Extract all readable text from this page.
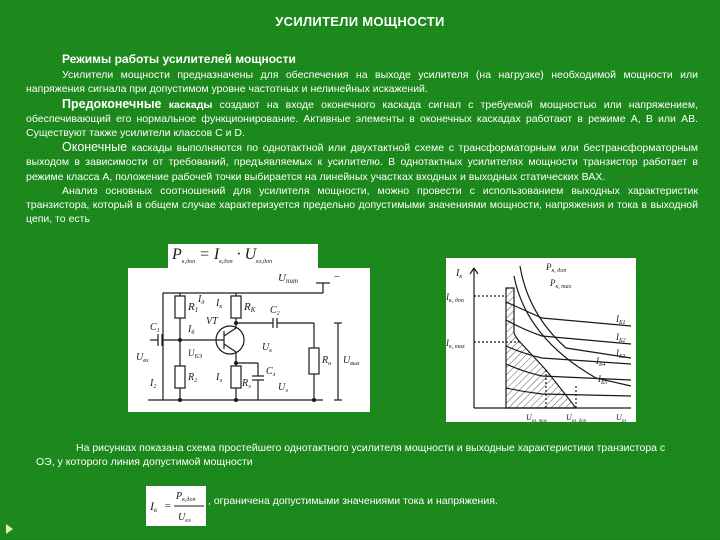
УСИЛИТЕЛИ МОЩНОСТИ
Режимы работы усилителей мощности

Усилители мощности предназначены для обеспечения на выходе усилителя (на нагрузке) необходимой мощности или напряжения сигнала при допустимом уровне частотных и нелинейных искажений.

Предоконечные каскады создают на входе оконечного каскада сигнал с требуемой мощностью или напряжением, обеспечивающий его нормальное функционирование. Активные элементы в оконечных каскадах работают в режиме A, B или AB. Существуют также усилители классов C и D.

Оконечные каскады выполняются по однотактной или двухтактной схеме с трансформаторным или бестрансформаторным выходом в зависимости от требований, предъявляемых к усилителю. В однотактных усилителях мощности транзистор работает в режиме класса A, положение рабочей точки выбирается на линейных участках входных и выходных статических ВАХ.

Анализ основных соотношений для усилителя мощности, можно провести с использованием выходных характеристик транзистора, который в общем случае характеризуется предельно допустимыми значениями мощности, напряжения и тока в выходной цепи, то есть

$P_{к,доп} = I_{к,доп} \cdot U_{кэ,доп}$
Uпит	−
R1
$I_д$ $I_к$ RК $C_2$
$C_1$	$I_б$
VT
$U_к$
$U_{БЭ}$
$U_{вх}$	$R_н$ $U_{вых}$
$R_2$
$I_2$
$I_э$ $R_э$
$C_э$
$U_э$
$I_к$
$P_{к, доп}$
$P_{к, max}$
$I_{к, доп}$
$I_{к, max}$
$I_{Б1}$
$I_{Б2}$
$I_{Б3}$
$I_{Б4}$
$I_{Б5}$
$U_{кэ, max}$ $U_{кэ, доп}$	$U_{кэ}$
На рисунках показана схема простейшего однотактного усилителя мощности и выходные характеристики транзистора с ОЭ, у которого линия допустимой мощности
Iк =
$P_{к,доп}$
$U_{кэ}$
, ограничена допустимыми значениями тока и напряжения.
